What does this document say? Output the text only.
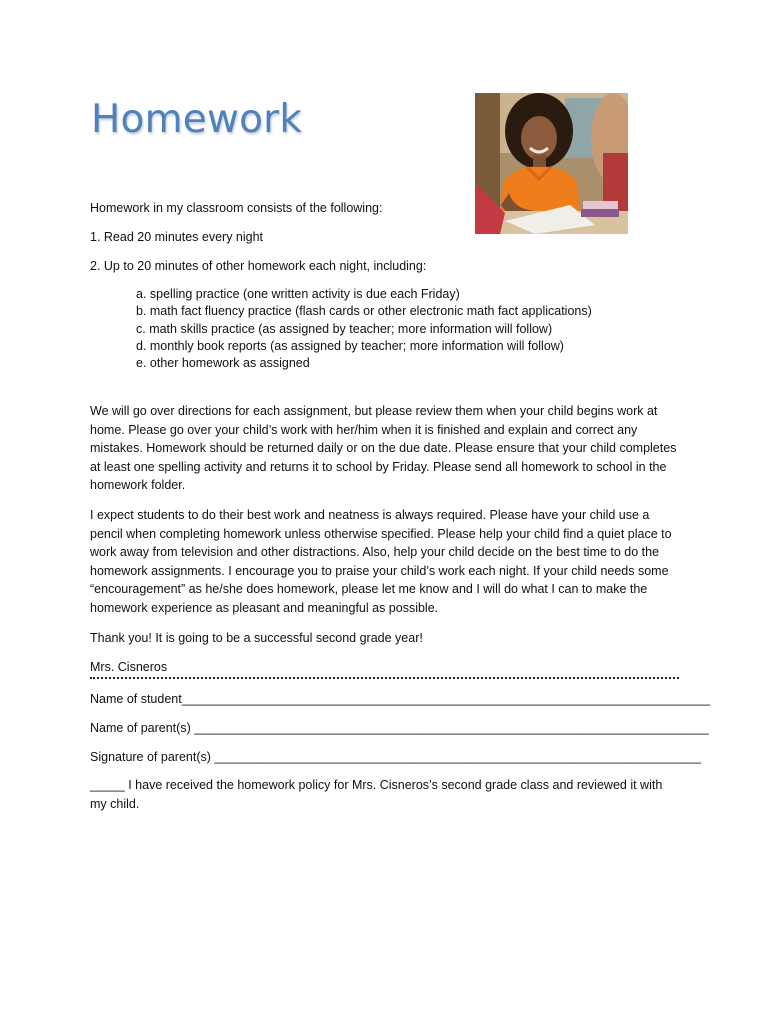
Homework

Homework in my classroom consists of the following:

1. Read 20 minutes every night

2. Up to 20 minutes of other homework each night, including:

a. spelling practice (one written activity is due each Friday)
b. math fact fluency practice (flash cards or other electronic math fact applications)
c. math skills practice (as assigned by teacher; more information will follow)
d. monthly book reports (as assigned by teacher; more information will follow)
e. other homework as assigned

We will go over directions for each assignment, but please review them when your child begins work at home. Please go over your child’s work with her/him when it is finished and explain and correct any mistakes. Homework should be returned daily or on the due date. Please ensure that your child completes at least one spelling activity and returns it to school by Friday. Please send all homework to school in the homework folder.

I expect students to do their best work and neatness is always required. Please have your child use a pencil when completing homework unless otherwise specified. Please help your child find a quiet place to work away from television and other distractions. Also, help your child decide on the best time to do the homework assignments. I encourage you to praise your child’s work each night. If your child needs some “encouragement” as he/she does homework, please let me know and I will do what I can to make the homework experience as pleasant and meaningful as possible.

Thank you! It is going to be a successful second grade year!

Mrs. Cisneros

Name of student____________________________________________________________________________
Name of parent(s) __________________________________________________________________________
Signature of parent(s) ______________________________________________________________________

_____ I have received the homework policy for Mrs. Cisneros’s second grade class and reviewed it with my child.
